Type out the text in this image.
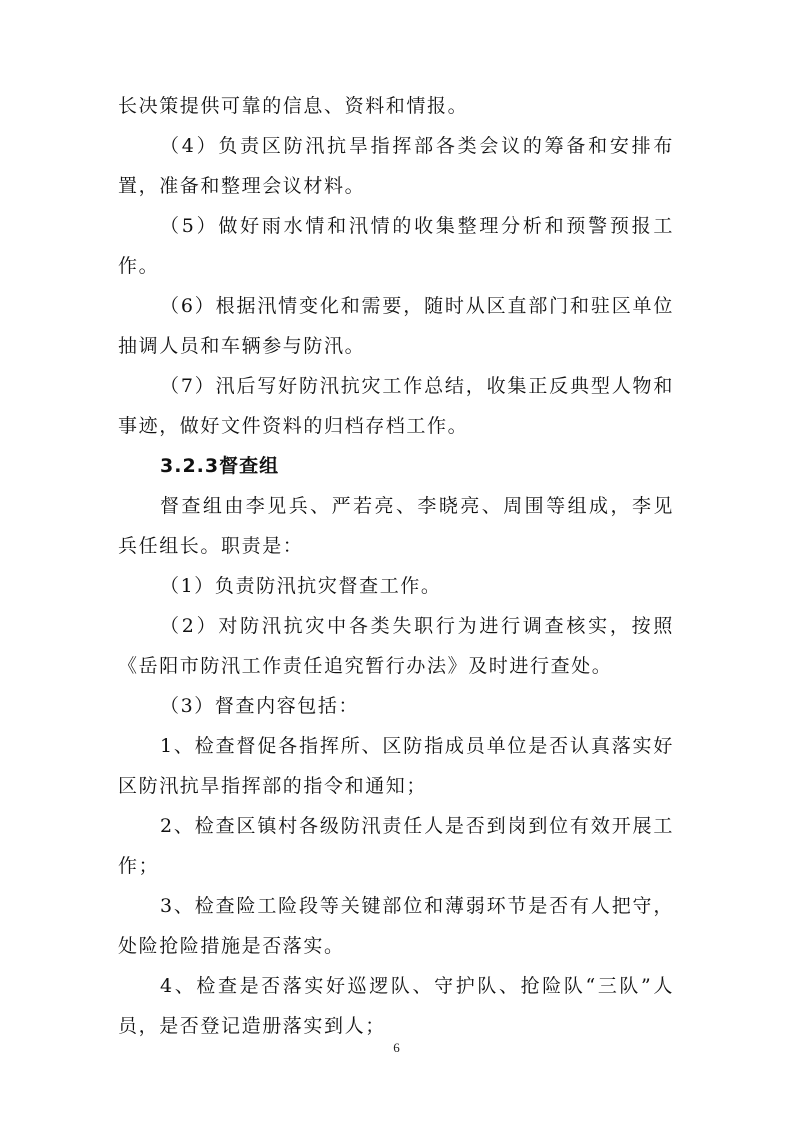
长决策提供可靠的信息、资料和情报。

（4）负责区防汛抗旱指挥部各类会议的筹备和安排布置，准备和整理会议材料。

（5）做好雨水情和汛情的收集整理分析和预警预报工作。

（6）根据汛情变化和需要，随时从区直部门和驻区单位抽调人员和车辆参与防汛。

（7）汛后写好防汛抗灾工作总结，收集正反典型人物和事迹，做好文件资料的归档存档工作。

3.2.3督查组

督查组由李见兵、严若亮、李晓亮、周围等组成，李见兵任组长。职责是：

（1）负责防汛抗灾督查工作。

（2）对防汛抗灾中各类失职行为进行调查核实，按照《岳阳市防汛工作责任追究暂行办法》及时进行查处。

（3）督查内容包括：

1、检查督促各指挥所、区防指成员单位是否认真落实好区防汛抗旱指挥部的指令和通知；

2、检查区镇村各级防汛责任人是否到岗到位有效开展工作；

3、检查险工险段等关键部位和薄弱环节是否有人把守，处险抢险措施是否落实。

4、检查是否落实好巡逻队、守护队、抢险队“三队”人员，是否登记造册落实到人；

6
